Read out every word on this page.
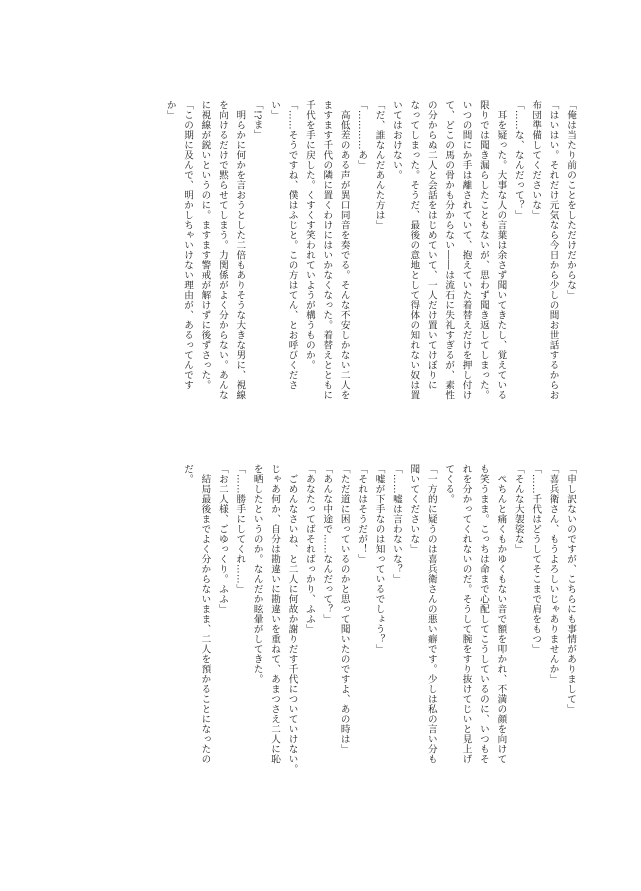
「俺は当たり前のことをしただけだからな」
「はいはい。それだけ元気なら今日から少しの間お世話するからお
布団準備してくださいな」
「……な、なんだって？」
耳を疑った。大事な人の言葉は余さず聞いてきたし、覚えている
限りでは聞き漏らしたこともないが、思わず聞き返してしまった。
いつの間にか手は離されていて、抱えていた着替えだけを押し付け
て、どこの馬の骨かも分からない――は流石に失礼すぎるが、素性
の分からぬ二人と会話をはじめていて、一人だけ置いてけぼりに
なってしまった。そうだ、最後の意地として得体の知れない奴は置
いてはおけない。
「だ、誰なんだあんた方は」
「…………あ」
高低差のある声が異口同音を奏でる。そんな不安しかない二人を
ますます千代の隣に置くわけにはいかなくなった。着替えとともに
千代を手に戻した。くすくす笑われていようが構うものか。
「……そうですね、僕はふじと。この方はてん、とお呼びくださ
い」
「!?ま」
明らかに何かを言おうとした二倍もありそうな大きな男に、視線
を向けるだけで黙らせてしまう。力関係がよく分からない。あんな
に視線が鋭いというのに。ますます警戒が解けずに後ずさった。
「この期に及んで、明かしちゃいけない理由が、あるってんです
か」
「申し訳ないのですが、こちらにも事情がありまして」
「喜兵衛さん、もうよろしいじゃありませんか」
「……千代はどうしてそこまで肩をもつ」
「そんな大袈裟な」
ぺちんと痛くもかゆくもない音で額を叩かれ、不満の顔を向けて
も笑うまま。こっちは命まで心配してこうしているのに、いつもそ
れを分かってくれないのだ。そうして腕をすり抜けてじいと見上げ
てくる。
「一方的に疑うのは喜兵衛さんの悪い癖です。少しは私の言い分も
聞いてくださいな」
「……嘘は言わないな？」
「嘘が下手なのは知っているでしょう？」
「それはそうだが！」
「ただ道に困っているのかと思って聞いたのですよ、あの時は」
「あんな中途で……なんだって？」
「あなたってばそればっかり、ふふ」
ごめんなさいね、と二人に何故か謝りだす千代についていけない。
じゃあ何か、自分は勘違いに勘違いを重ねて、あまつさえ二人に恥
を晒したというのか。なんだか眩暈がしてきた。
「……勝手にしてくれ……」
「お二人様、ごゆっくり。ふふ」
結局最後までよく分からないまま、二人を預かることになったの
だ。
